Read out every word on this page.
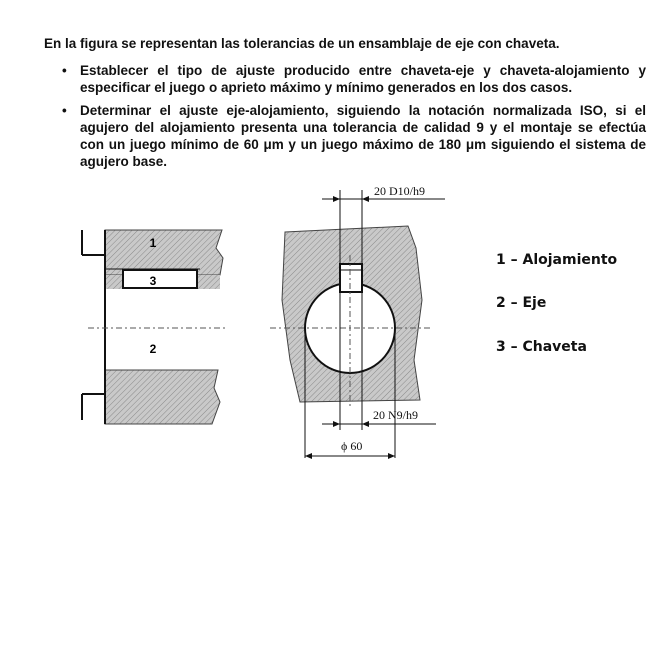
En la figura se representan las tolerancias de un ensamblaje de eje con chaveta.
• Establecer el tipo de ajuste producido entre chaveta-eje y chaveta-alojamiento y especificar el juego o aprieto máximo y mínimo generados en los dos casos.
• Determinar el ajuste eje-alojamiento, siguiendo la notación normalizada ISO, si el agujero del alojamiento presenta una tolerancia de calidad 9 y el montaje se efectúa con un juego mínimo de 60 μm y un juego máximo de 180 μm siguiendo el sistema de agujero base.
1
3
2
20 D10/h9
20 N9/h9
ϕ 60
1 – Alojamiento
2 – Eje
3 – Chaveta
